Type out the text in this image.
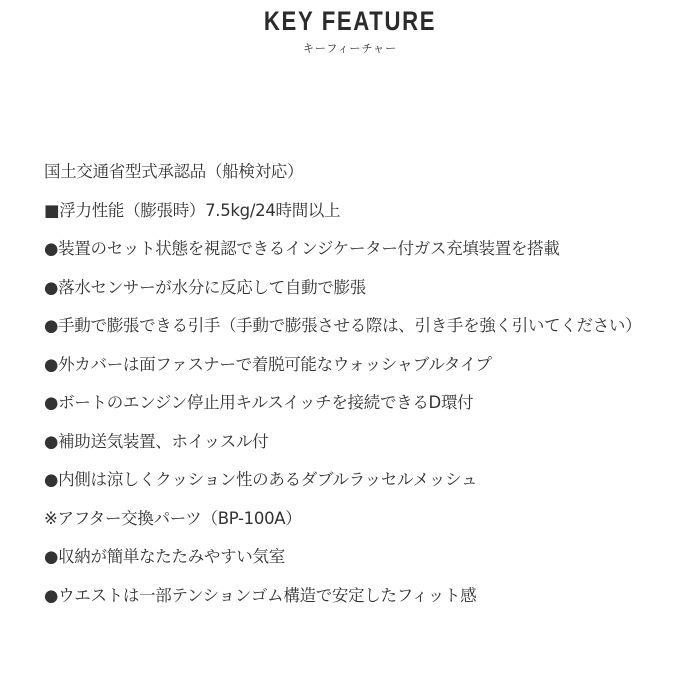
KEY FEATURE
キーフィーチャー
国土交通省型式承認品（船検対応）
■浮力性能（膨張時）7.5kg/24時間以上
●装置のセット状態を視認できるインジケーター付ガス充填装置を搭載
●落水センサーが水分に反応して自動で膨張
●手動で膨張できる引手（手動で膨張させる際は、引き手を強く引いてください）
●外カバーは面ファスナーで着脱可能なウォッシャブルタイプ
●ボートのエンジン停止用キルスイッチを接続できるD環付
●補助送気装置、ホイッスル付
●内側は涼しくクッション性のあるダブルラッセルメッシュ
※アフター交換パーツ（BP-100A）
●収納が簡単なたたみやすい気室
●ウエストは一部テンションゴム構造で安定したフィット感
